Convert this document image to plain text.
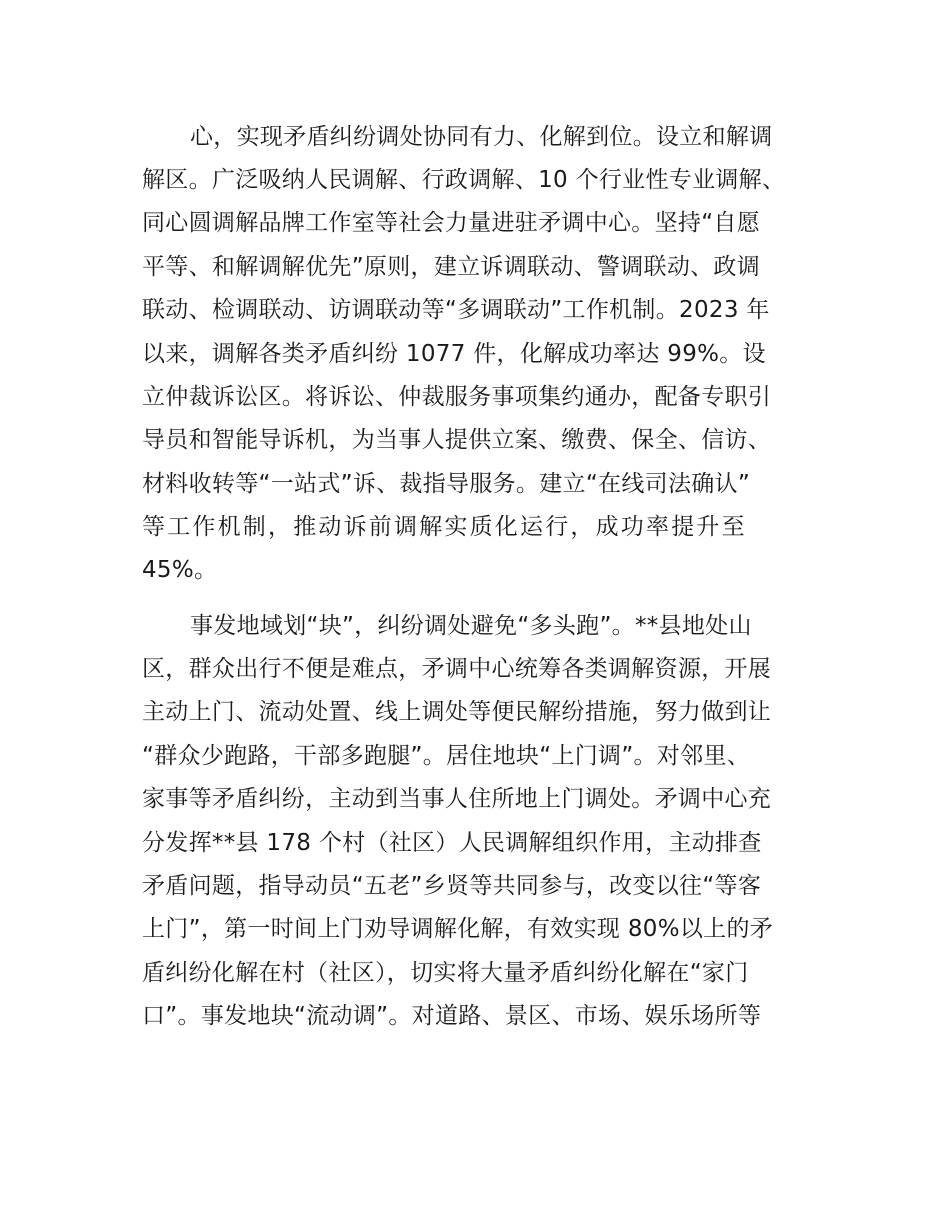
心，实现矛盾纠纷调处协同有力、化解到位。设立和解调
解区。广泛吸纳人民调解、行政调解、10 个行业性专业调解、
同心圆调解品牌工作室等社会力量进驻矛调中心。坚持“自愿
平等、和解调解优先”原则，建立诉调联动、警调联动、政调
联动、检调联动、访调联动等“多调联动”工作机制。2023 年
以来，调解各类矛盾纠纷 1077 件，化解成功率达 99%。设
立仲裁诉讼区。将诉讼、仲裁服务事项集约通办，配备专职引
导员和智能导诉机，为当事人提供立案、缴费、保全、信访、
材料收转等“一站式”诉、裁指导服务。建立“在线司法确认”
等工作机制，推动诉前调解实质化运行，成功率提升至
45%。
事发地域划“块”，纠纷调处避免“多头跑”。**县地处山
区，群众出行不便是难点，矛调中心统筹各类调解资源，开展
主动上门、流动处置、线上调处等便民解纷措施，努力做到让
“群众少跑路，干部多跑腿”。居住地块“上门调”。对邻里、
家事等矛盾纠纷，主动到当事人住所地上门调处。矛调中心充
分发挥**县 178 个村（社区）人民调解组织作用，主动排查
矛盾问题，指导动员“五老”乡贤等共同参与，改变以往“等客
上门”，第一时间上门劝导调解化解，有效实现 80%以上的矛
盾纠纷化解在村（社区），切实将大量矛盾纠纷化解在“家门
口”。事发地块“流动调”。对道路、景区、市场、娱乐场所等
